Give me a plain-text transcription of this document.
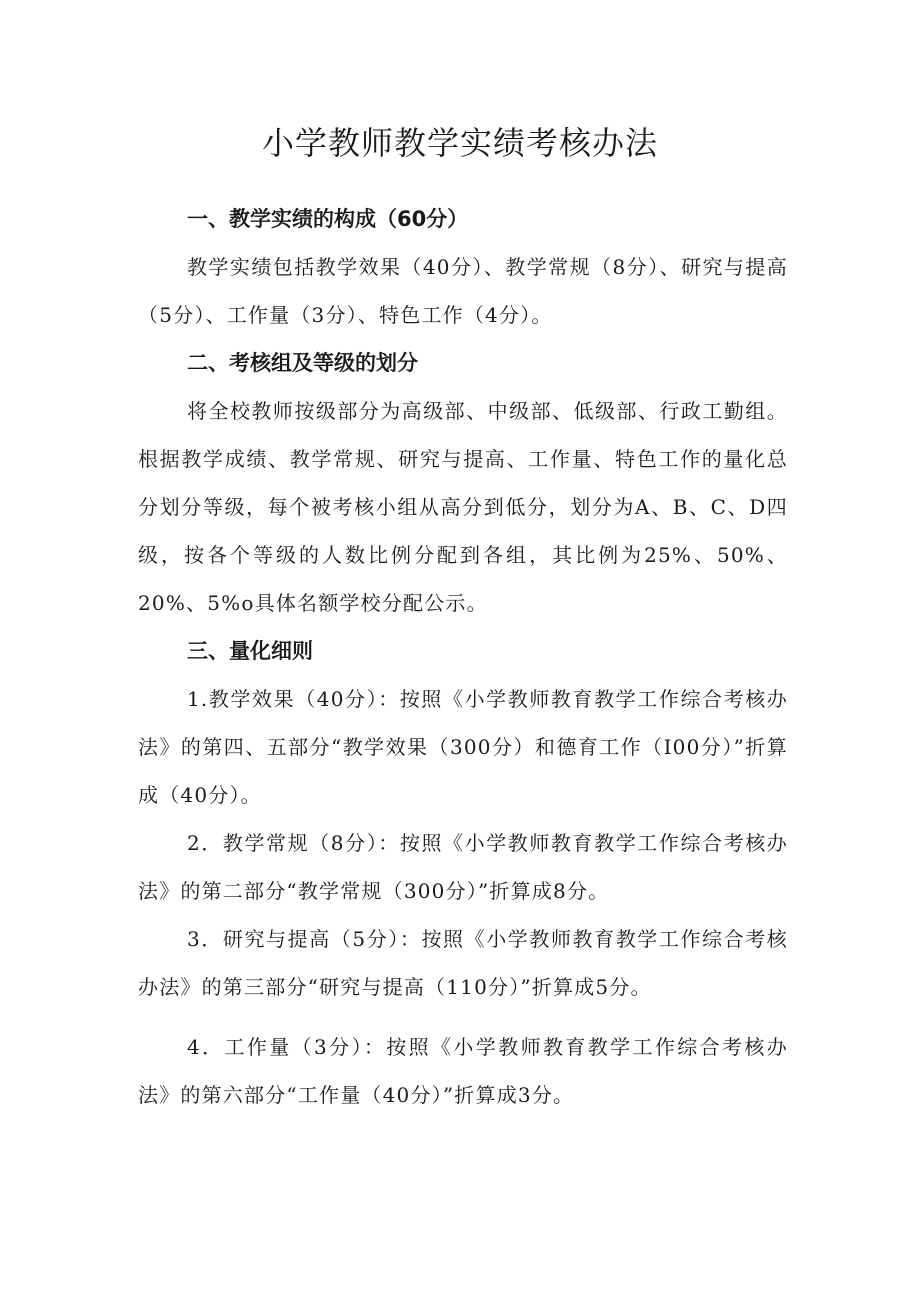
小学教师教学实绩考核办法

一、教学实绩的构成（60分）

教学实绩包括教学效果（40分）、教学常规（8分）、研究与提高（5分）、工作量（3分）、特色工作（4分）。

二、考核组及等级的划分

将全校教师按级部分为高级部、中级部、低级部、行政工勤组。根据教学成绩、教学常规、研究与提高、工作量、特色工作的量化总分划分等级，每个被考核小组从高分到低分，划分为A、B、C、D四级，按各个等级的人数比例分配到各组，其比例为25%、50%、20%、5%o具体名额学校分配公示。

三、量化细则

1.教学效果（40分）：按照《小学教师教育教学工作综合考核办法》的第四、五部分“教学效果（300分）和德育工作（I00分）”折算成（40分）。

2．教学常规（8分）：按照《小学教师教育教学工作综合考核办法》的第二部分“教学常规（300分）”折算成8分。

3．研究与提高（5分）：按照《小学教师教育教学工作综合考核办法》的第三部分“研究与提高（110分）”折算成5分。

4．工作量（3分）：按照《小学教师教育教学工作综合考核办法》的第六部分“工作量（40分）”折算成3分。
